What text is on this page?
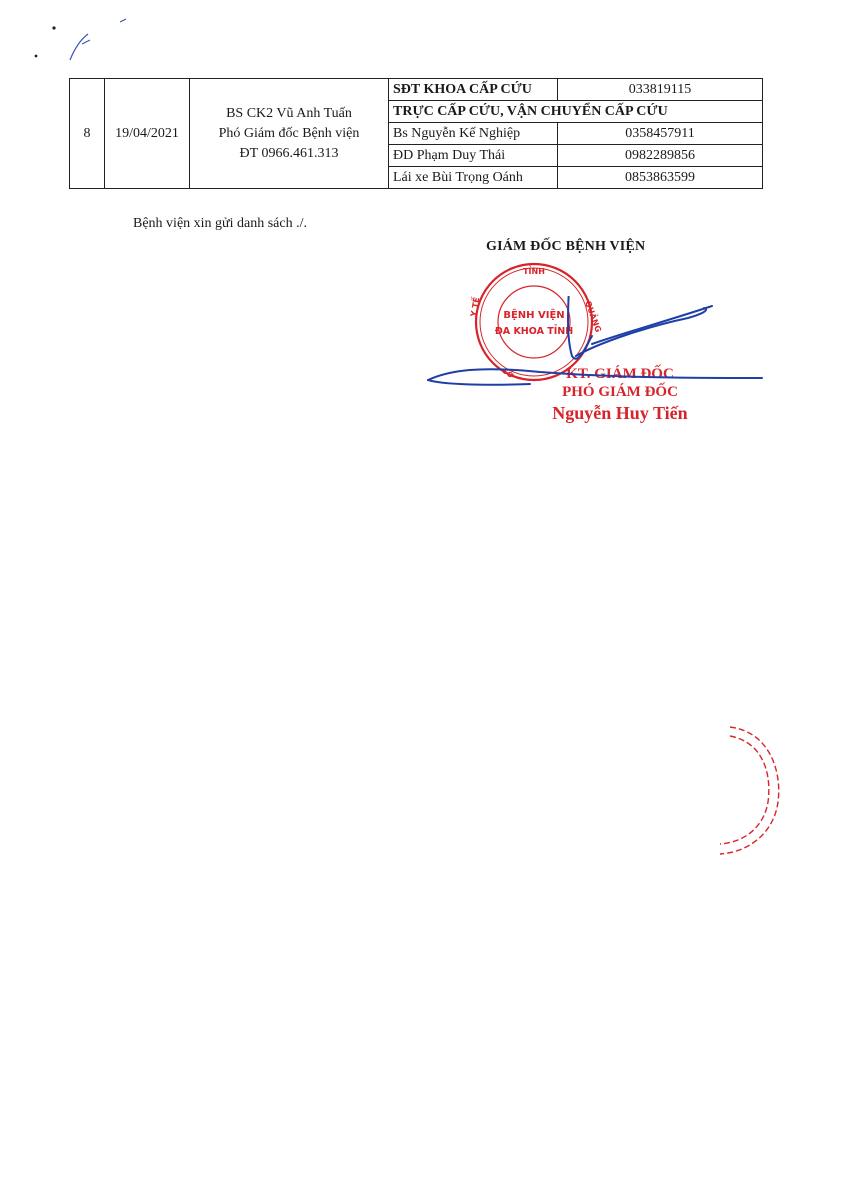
8	19/04/2021	BS CK2 Vũ Anh Tuấn
Phó Giám đốc Bệnh viện
ĐT 0966.461.313	SĐT KHOA CẤP CỨU	033819115
			TRỰC CẤP CỨU, VẬN CHUYỂN CẤP CỨU	
			Bs Nguyễn Kế Nghiệp	0358457911
			ĐD Phạm Duy Thái	0982289856
			Lái xe Bùi Trọng Oánh	0853863599
Bệnh viện xin gửi danh sách ./.
GIÁM ĐỐC BỆNH VIỆN
TỈNH
QUẢNG
Y TẾ
SỞ
BỆNH VIỆN
ĐA KHOA TỈNH
KT. GIÁM ĐỐC
PHÓ GIÁM ĐỐC
Nguyễn Huy Tiến
